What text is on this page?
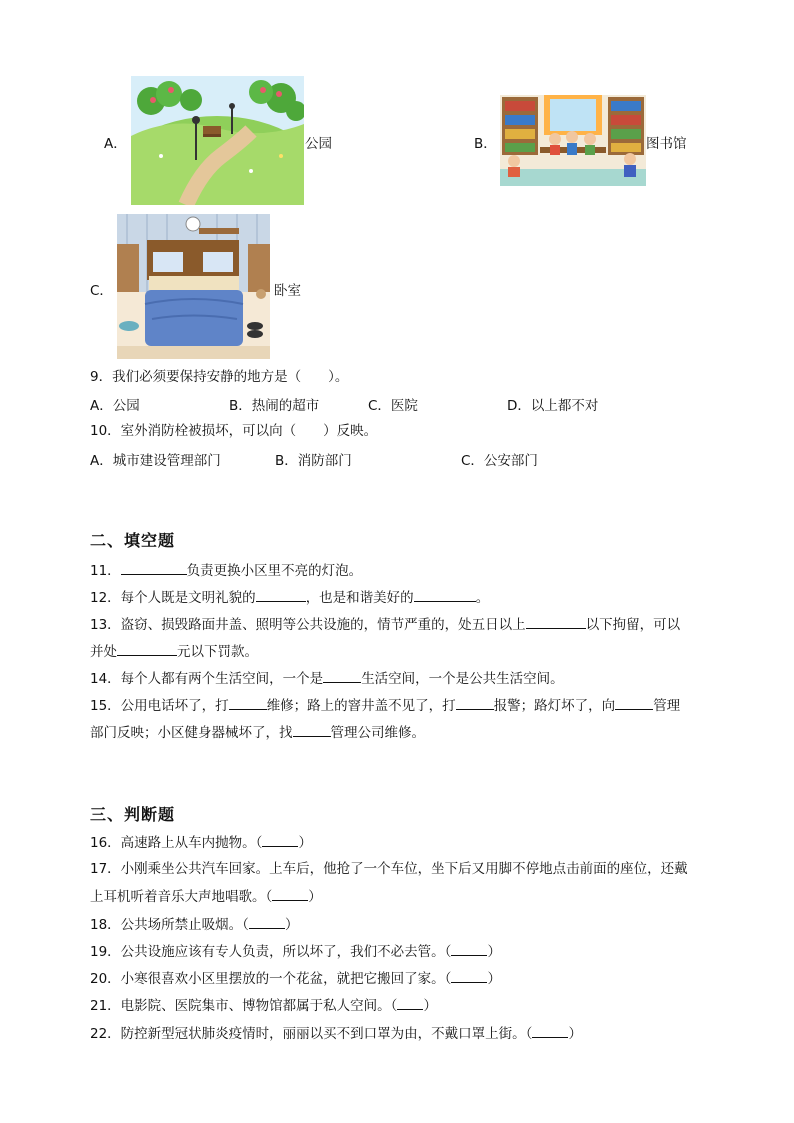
A．	公园	B．	图书馆
C．	卧室
9．我们必须要保持安静的地方是（　　）。
A．公园	B．热闹的超市	C．医院	D．以上都不对
10．室外消防栓被损坏，可以向（　　）反映。
A．城市建设管理部门	B．消防部门	C．公安部门
二、填空题
11．	负责更换小区里不亮的灯泡。
12．每个人既是文明礼貌的	，也是和谐美好的	。
13．盗窃、损毁路面井盖、照明等公共设施的，情节严重的，处五日以上	以下拘留，可以
并处	元以下罚款。
14．每个人都有两个生活空间，一个是	生活空间，一个是公共生活空间。
15．公用电话坏了，打	维修；路上的窨井盖不见了，打	报警；路灯坏了，向	管理
部门反映；小区健身器械坏了，找	管理公司维修。
三、判断题
16．高速路上从车内抛物。（	）
17．小刚乘坐公共汽车回家。上车后，他抢了一个车位，坐下后又用脚不停地点击前面的座位，还戴
上耳机听着音乐大声地唱歌。（	）
18．公共场所禁止吸烟。（	）
19．公共设施应该有专人负责，所以坏了，我们不必去管。（	）
20．小寒很喜欢小区里摆放的一个花盆，就把它搬回了家。（	）
21．电影院、医院集市、博物馆都属于私人空间。（ ）
22．防控新型冠状肺炎疫情时，丽丽以买不到口罩为由，不戴口罩上街。（	）
